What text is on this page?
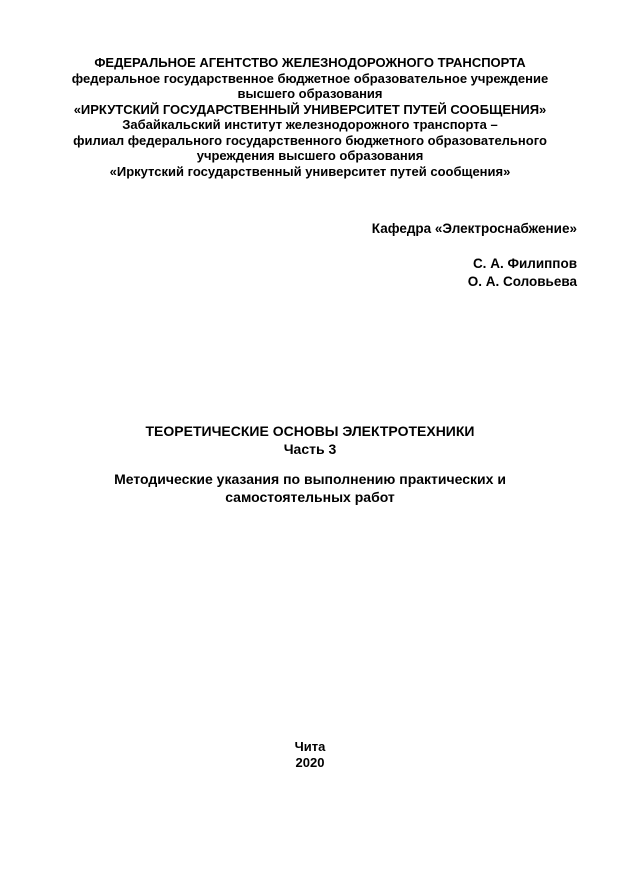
ФЕДЕРАЛЬНОЕ АГЕНТСТВО ЖЕЛЕЗНОДОРОЖНОГО ТРАНСПОРТА
федеральное государственное бюджетное образовательное учреждение
высшего образования
«ИРКУТСКИЙ ГОСУДАРСТВЕННЫЙ УНИВЕРСИТЕТ ПУТЕЙ СООБЩЕНИЯ»
Забайкальский институт железнодорожного транспорта –
филиал федерального государственного бюджетного образовательного
учреждения высшего образования
«Иркутский государственный университет путей сообщения»
Кафедра «Электроснабжение»
С. А. Филиппов
О. А. Соловьева
ТЕОРЕТИЧЕСКИЕ ОСНОВЫ ЭЛЕКТРОТЕХНИКИ
Часть 3
Методические указания по выполнению практических и самостоятельных работ
Чита
2020
